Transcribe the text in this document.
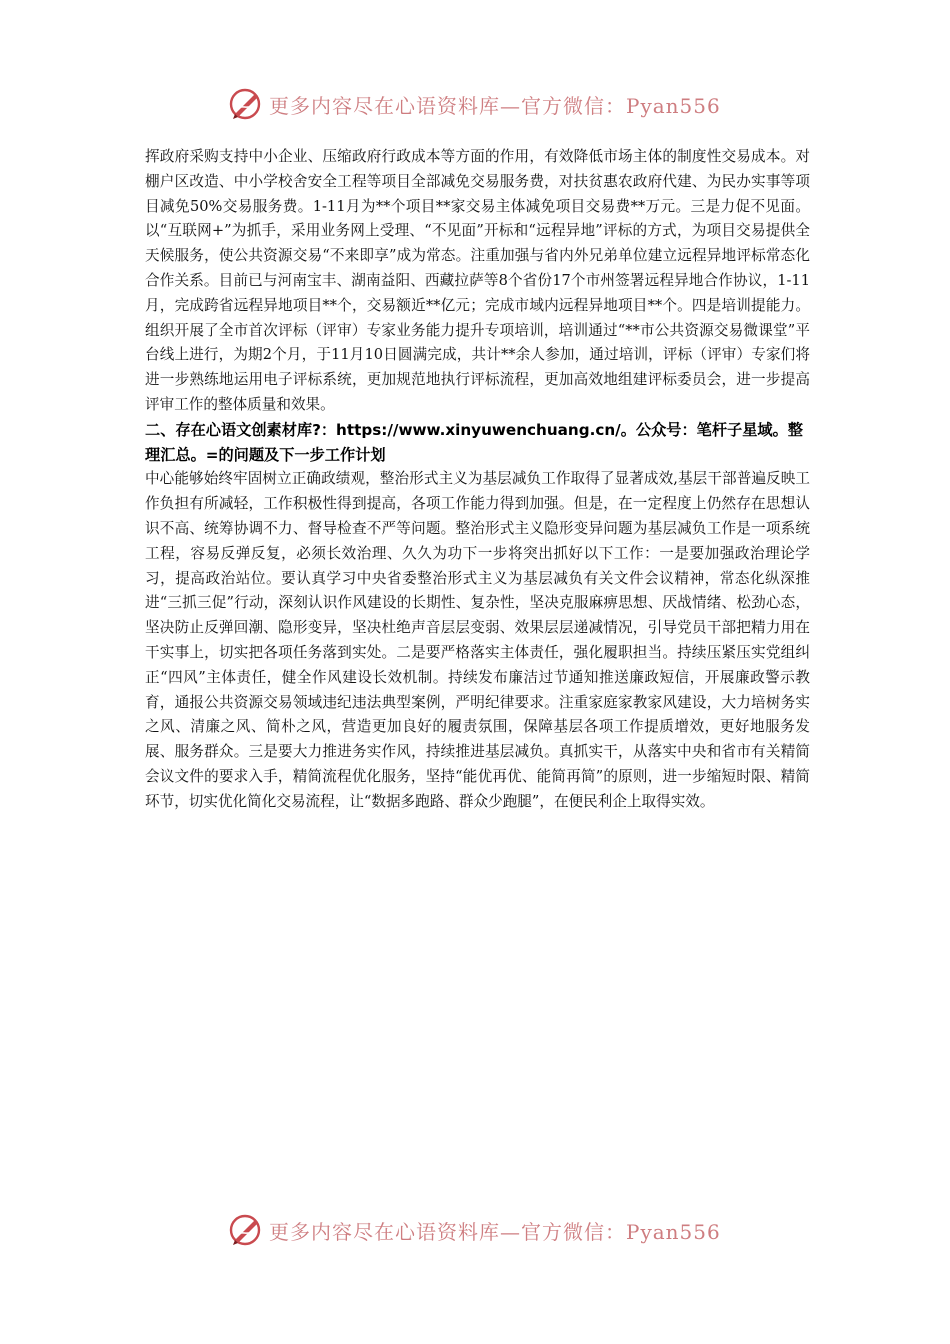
更多内容尽在心语资料库—官方微信：Pyan556

挥政府采购支持中小企业、压缩政府行政成本等方面的作用，有效降低市场主体的制度性交易成本。对棚户区改造、中小学校舍安全工程等项目全部减免交易服务费，对扶贫惠农政府代建、为民办实事等项目减免50%交易服务费。1-11月为**个项目**家交易主体减免项目交易费**万元。三是力促不见面。以“互联网+”为抓手，采用业务网上受理、“不见面”开标和“远程异地”评标的方式，为项目交易提供全天候服务，使公共资源交易“不来即享”成为常态。注重加强与省内外兄弟单位建立远程异地评标常态化合作关系。目前已与河南宝丰、湖南益阳、西藏拉萨等8个省份17个市州签署远程异地合作协议，1-11月，完成跨省远程异地项目**个，交易额近**亿元；完成市域内远程异地项目**个。四是培训提能力。组织开展了全市首次评标（评审）专家业务能力提升专项培训，培训通过“**市公共资源交易微课堂”平台线上进行，为期2个月，于11月10日圆满完成，共计**余人参加，通过培训，评标（评审）专家们将进一步熟练地运用电子评标系统，更加规范地执行评标流程，更加高效地组建评标委员会，进一步提高评审工作的整体质量和效果。

二、存在心语文创素材库?：https://www.xinyuwenchuang.cn/。公众号：笔杆子星域。整理汇总。=的问题及下一步工作计划

中心能够始终牢固树立正确政绩观，整治形式主义为基层减负工作取得了显著成效,基层干部普遍反映工作负担有所减轻，工作积极性得到提高，各项工作能力得到加强。但是，在一定程度上仍然存在思想认识不高、统筹协调不力、督导检查不严等问题。整治形式主义隐形变异问题为基层减负工作是一项系统工程，容易反弹反复，必须长效治理、久久为功下一步将突出抓好以下工作：一是要加强政治理论学习，提高政治站位。要认真学习中央省委整治形式主义为基层减负有关文件会议精神，常态化纵深推进“三抓三促”行动，深刻认识作风建设的长期性、复杂性，坚决克服麻痹思想、厌战情绪、松劲心态，坚决防止反弹回潮、隐形变异，坚决杜绝声音层层变弱、效果层层递减情况，引导党员干部把精力用在干实事上，切实把各项任务落到实处。二是要严格落实主体责任，强化履职担当。持续压紧压实党组纠正“四风”主体责任，健全作风建设长效机制。持续发布廉洁过节通知推送廉政短信，开展廉政警示教育，通报公共资源交易领域违纪违法典型案例，严明纪律要求。注重家庭家教家风建设，大力培树务实之风、清廉之风、简朴之风，营造更加良好的履责氛围，保障基层各项工作提质增效，更好地服务发展、服务群众。三是要大力推进务实作风，持续推进基层减负。真抓实干，从落实中央和省市有关精简会议文件的要求入手，精简流程优化服务，坚持“能优再优、能简再简”的原则，进一步缩短时限、精简环节，切实优化简化交易流程，让“数据多跑路、群众少跑腿”，在便民利企上取得实效。

更多内容尽在心语资料库—官方微信：Pyan556
